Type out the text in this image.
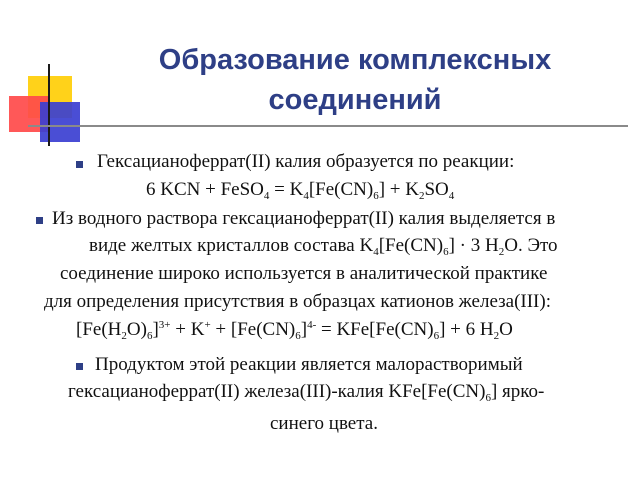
Образование комплексных
соединений
Гексацианоферрат(II) калия образуется по реакции:
6 KCN + FeSO$_4$ = $K_4[Fe(CN)_6] + K_2SO_4$
Из водного раствора гексацианоферрат(II) калия выделяется в
виде желтых кристаллов состава $K_4[Fe(CN)_6] \cdot 3$ $H_2O$. Это
соединение широко используется в аналитической практике
для определения присутствия в образцах катионов железа(III):
$[Fe(H_2O)_6]^{3+} + K^+ + [Fe(CN)_6]^{4-} = KFe[Fe(CN)_6] + 6$ $H_2O$
Продуктом этой реакции является малорастворимый
гексацианоферрат(II) железа(III)-калия $KFe[Fe(CN)_6]$ ярко-
синего цвета.
